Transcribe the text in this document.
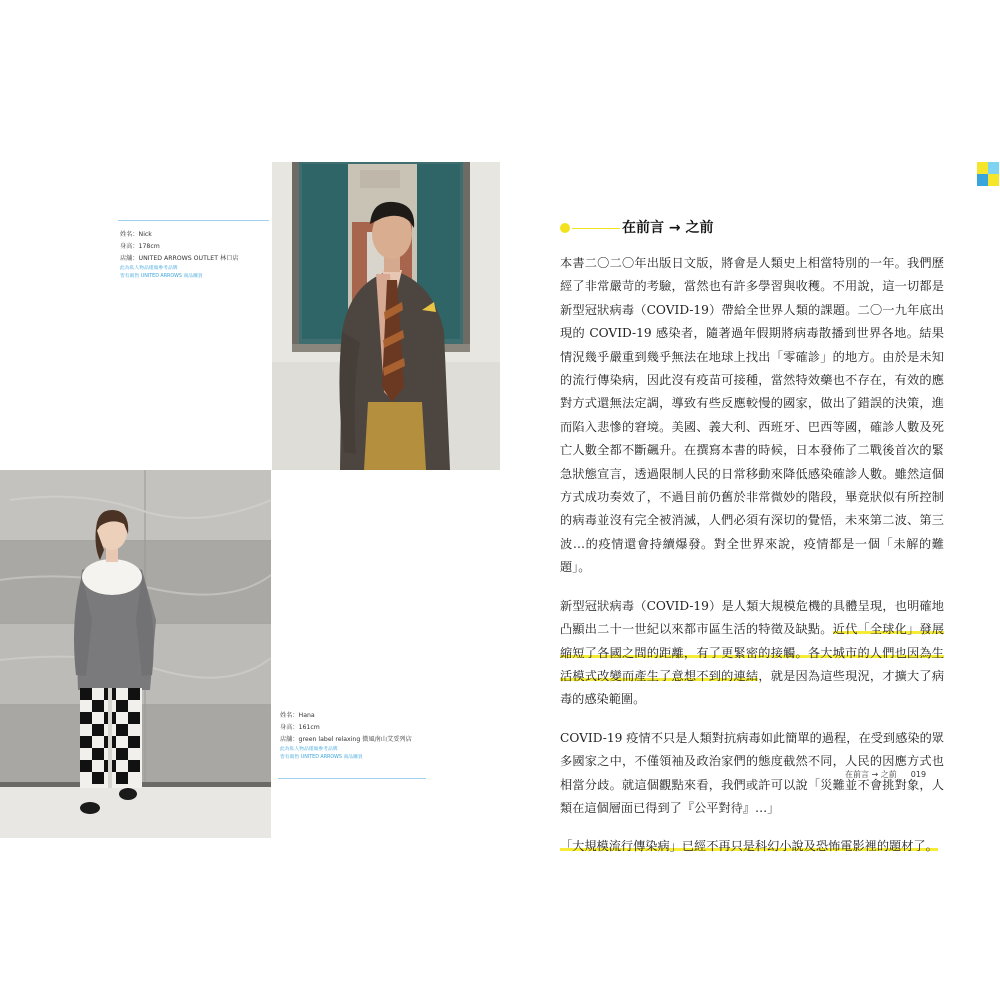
姓名：Nick
身高：178cm
店舖：UNITED ARROWS OUTLET 林口店
此為私人物品僅做參考品牌
皆有販售 UNITED ARROWS 商品購買
姓名：Hana
身高：161cm
店舖：green label relaxing 微風南山艾妥列店
此為私人物品僅做參考品牌
皆有販售 UNITED ARROWS 商品購買
在前言 → 之前

本書二〇二〇年出版日文版，將會是人類史上相當特別的一年。我們歷經了非常嚴苛的考驗，當然也有許多學習與收穫。不用說，這一切都是新型冠狀病毒（COVID-19）帶給全世界人類的課題。二〇一九年底出現的 COVID-19 感染者，隨著過年假期將病毒散播到世界各地。結果情況幾乎嚴重到幾乎無法在地球上找出「零確診」的地方。由於是未知的流行傳染病，因此沒有疫苗可接種，當然特效藥也不存在，有效的應對方式還無法定調，導致有些反應較慢的國家，做出了錯誤的決策，進而陷入悲慘的窘境。美國、義大利、西班牙、巴西等國，確診人數及死亡人數全都不斷飆升。在撰寫本書的時候，日本發佈了二戰後首次的緊急狀態宣言，透過限制人民的日常移動來降低感染確診人數。雖然這個方式成功奏效了，不過目前仍舊於非常微妙的階段，畢竟狀似有所控制的病毒並沒有完全被消滅，人們必須有深切的覺悟，未來第二波、第三波…的疫情還會持續爆發。對全世界來說，疫情都是一個「未解的難題」。

新型冠狀病毒（COVID-19）是人類大規模危機的具體呈現，也明確地凸顯出二十一世紀以來都市區生活的特徵及缺點。近代「全球化」發展縮短了各國之間的距離，有了更緊密的接觸。各大城市的人們也因為生活模式改變而產生了意想不到的連結，就是因為這些現況，才擴大了病毒的感染範圍。

COVID-19 疫情不只是人類對抗病毒如此簡單的過程，在受到感染的眾多國家之中，不僅領袖及政治家們的態度截然不同，人民的因應方式也相當分歧。就這個觀點來看，我們或許可以說「災難並不會挑對象，人類在這個層面已得到了『公平對待』…」

「大規模流行傳染病」已經不再只是科幻小說及恐怖電影裡的題材了。

在前言 → 之前 019
